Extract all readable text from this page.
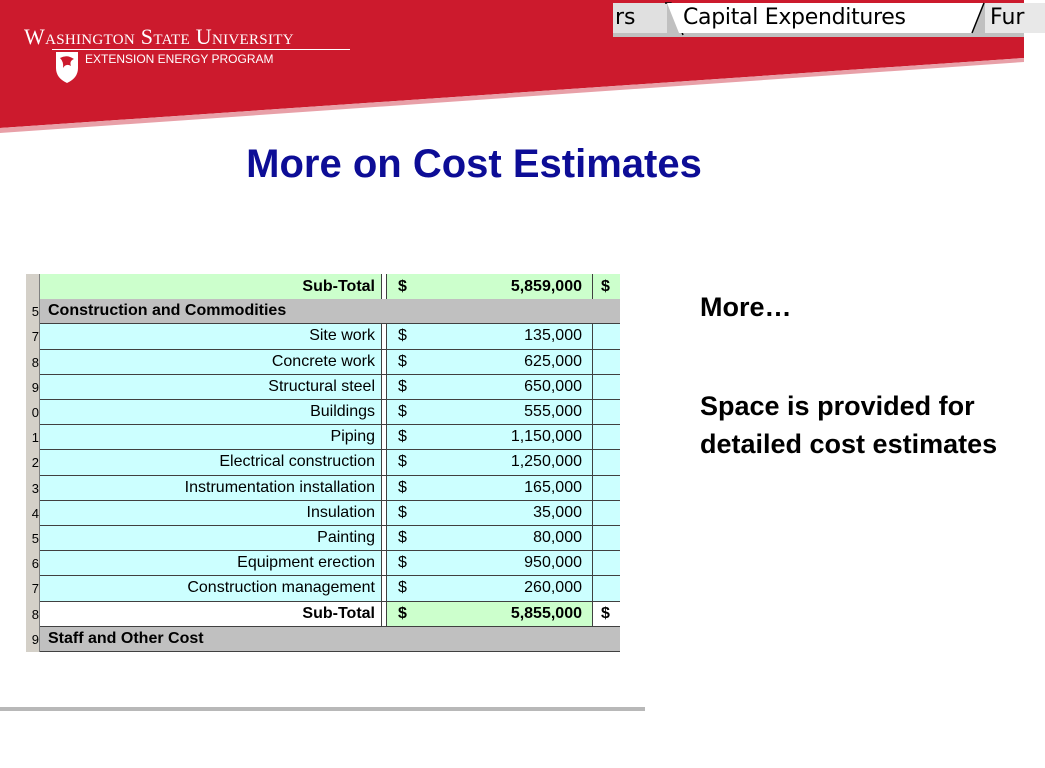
Washington State University
EXTENSION ENERGY PROGRAM
rs	Capital Expenditures	Fur
More on Cost Estimates
Sub-Total	$	5,859,000	$
5 Construction and Commodities
7	Site work	$	135,000
8	Concrete work	$	625,000
9	Structural steel	$	650,000
0	Buildings	$	555,000
1	Piping	$	1,150,000
2	Electrical construction	$	1,250,000
3	Instrumentation installation	$	165,000
4	Insulation	$	35,000
5	Painting	$	80,000
6	Equipment erection	$	950,000
7	Construction management	$	260,000
8	Sub-Total	$	5,855,000	$
9 Staff and Other Cost
More…
Space is provided for detailed cost estimates
